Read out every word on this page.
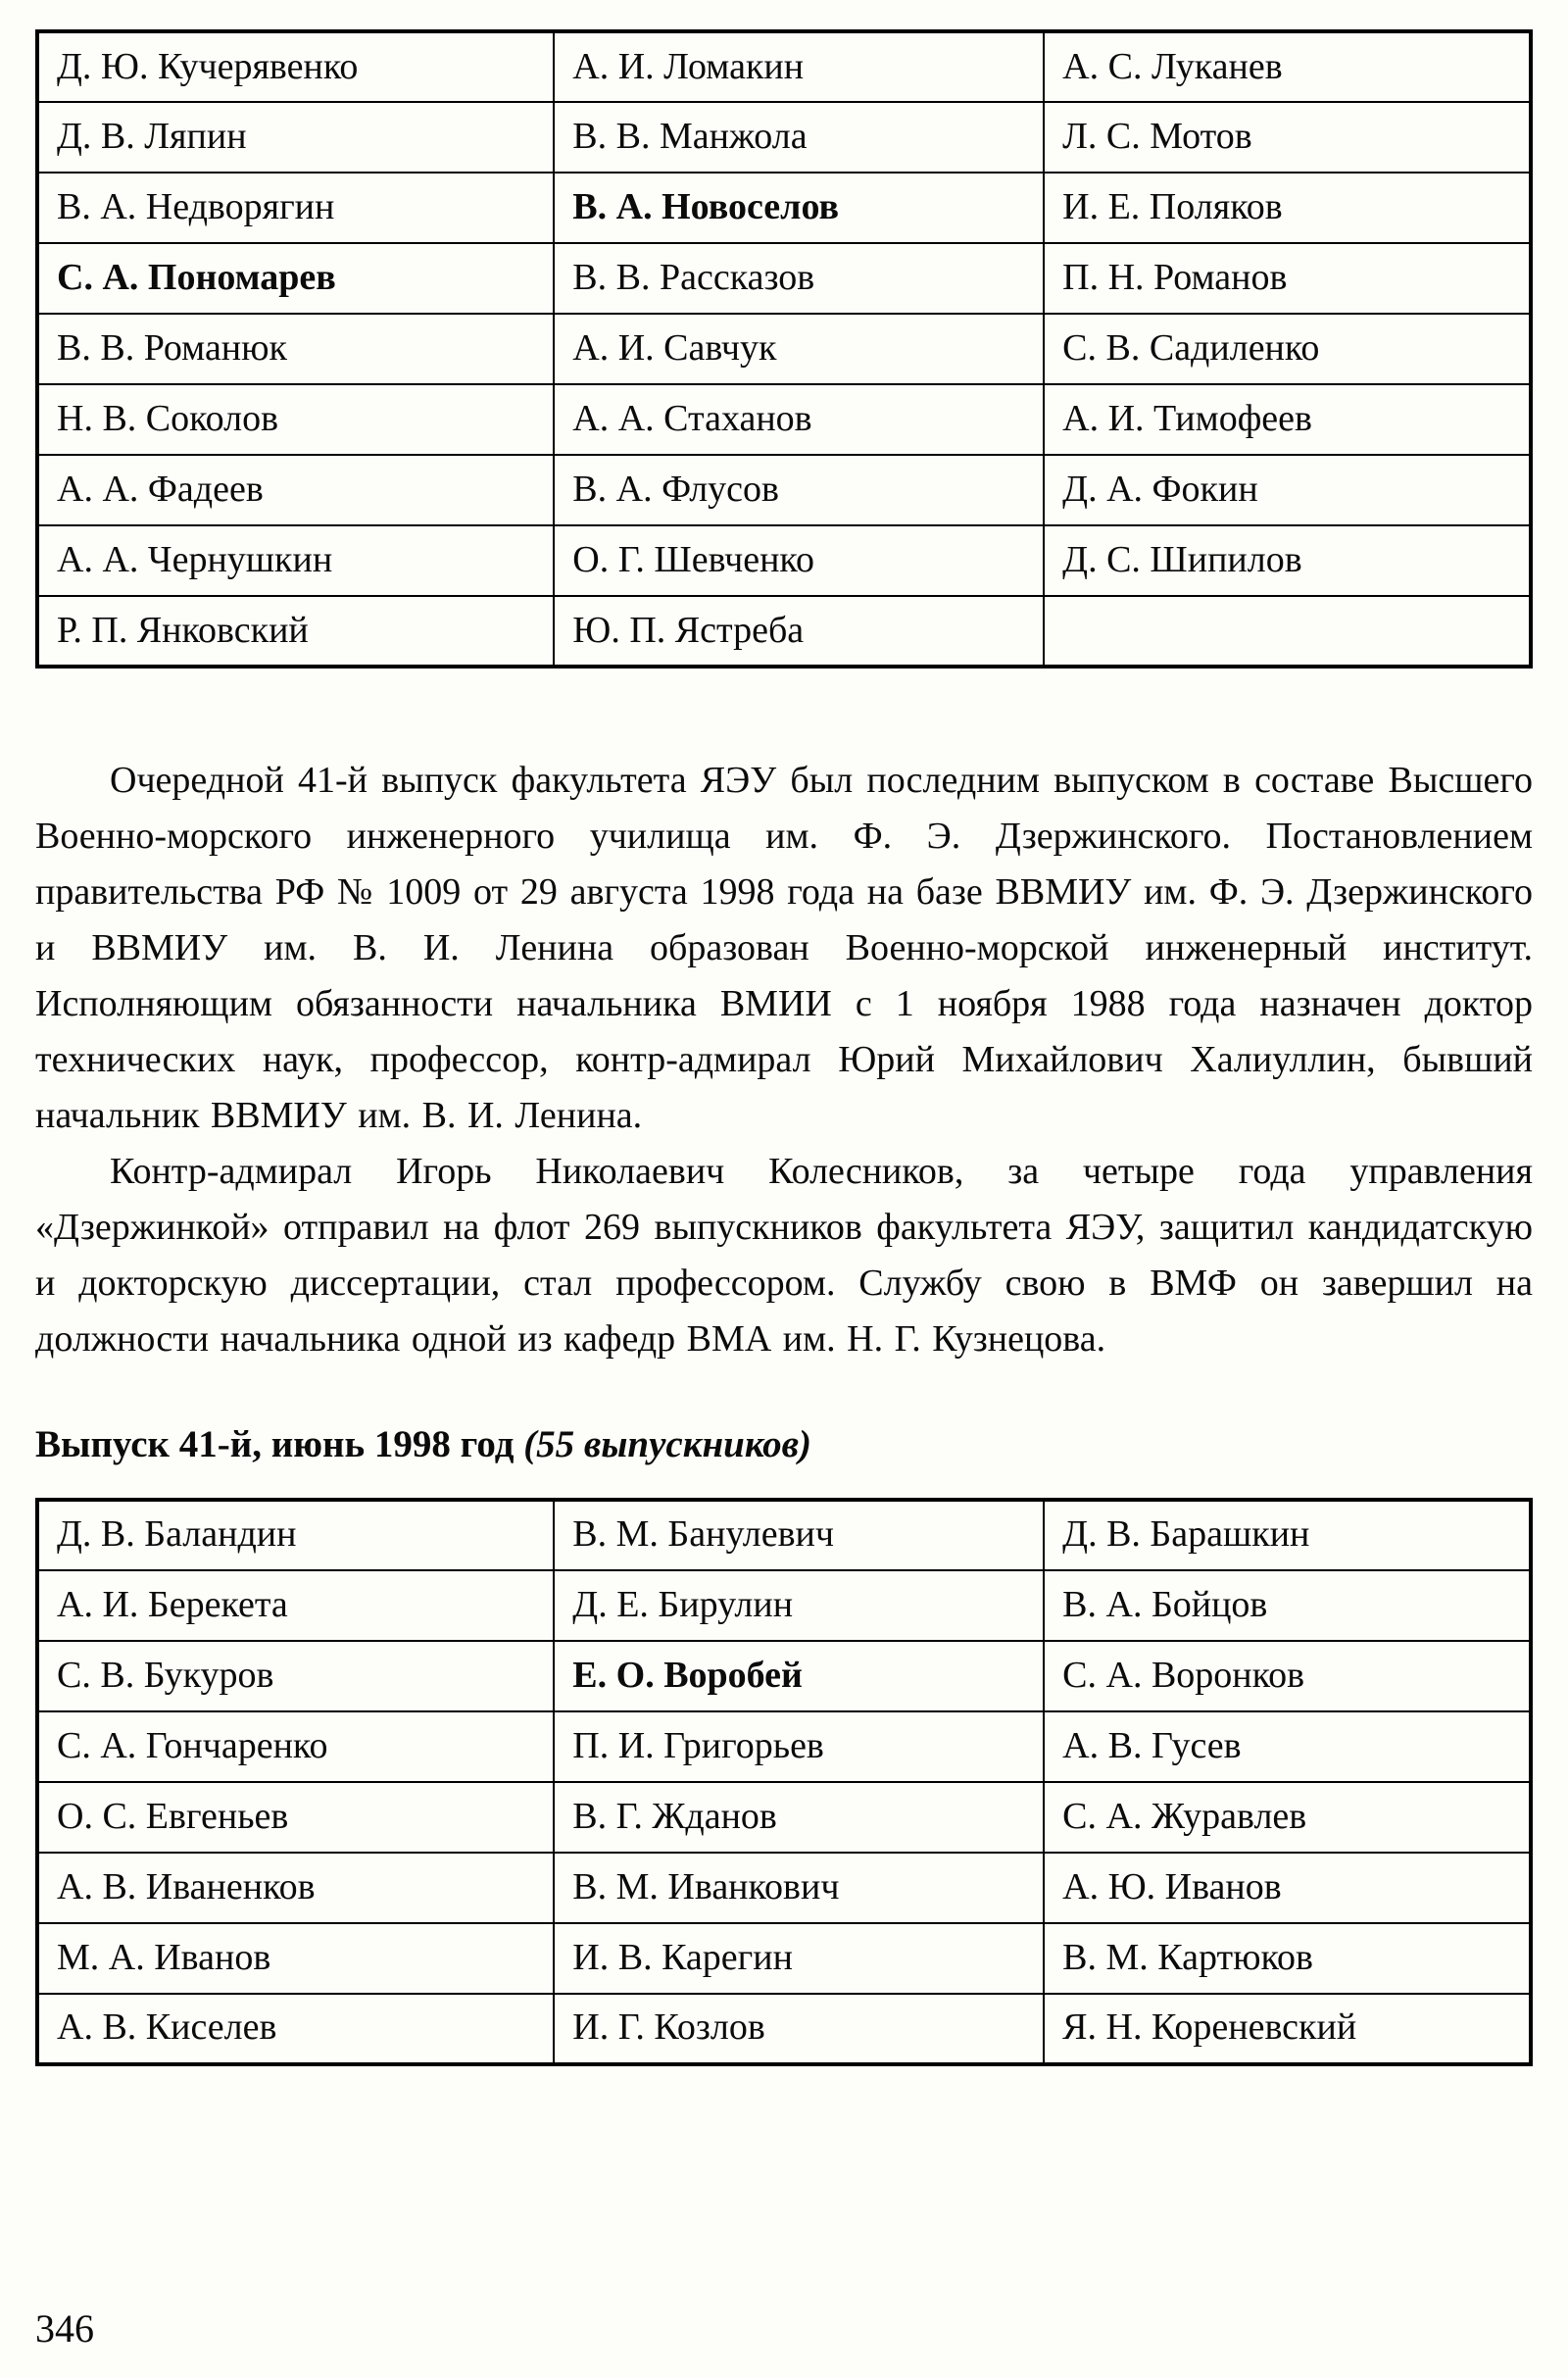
Д. Ю. Кучерявенко	А. И. Ломакин	А. С. Луканев
Д. В. Ляпин	В. В. Манжола	Л. С. Мотов
В. А. Недворягин	В. А. Новоселов	И. Е. Поляков
С. А. Пономарев	В. В. Рассказов	П. Н. Романов
В. В. Романюк	А. И. Савчук	С. В. Садиленко
Н. В. Соколов	А. А. Стаханов	А. И. Тимофеев
А. А. Фадеев	В. А. Флусов	Д. А. Фокин
А. А. Чернушкин	О. Г. Шевченко	Д. С. Шипилов
Р. П. Янковский	Ю. П. Ястреба	

Очередной 41-й выпуск факультета ЯЭУ был последним выпуском в составе Высшего Военно-морского инженерного училища им. Ф. Э. Дзержинского. Постановлением правительства РФ № 1009 от 29 августа 1998 года на базе ВВМИУ им. Ф. Э. Дзержинского и ВВМИУ им. В. И. Ленина образован Военно-морской инженерный институт. Исполняющим обязанности начальника ВМИИ с 1 ноября 1988 года назначен доктор технических наук, профессор, контр-адмирал Юрий Михайлович Халиуллин, бывший начальник ВВМИУ им. В. И. Ленина.

Контр-адмирал Игорь Николаевич Колесников, за четыре года управления «Дзержинкой» отправил на флот 269 выпускников факультета ЯЭУ, защитил кандидатскую и докторскую диссертации, стал профессором. Службу свою в ВМФ он завершил на должности начальника одной из кафедр ВМА им. Н. Г. Кузнецова.

Выпуск 41-й, июнь 1998 год (55 выпускников)
Д. В. Баландин	В. М. Банулевич	Д. В. Барашкин
А. И. Берекета	Д. Е. Бирулин	В. А. Бойцов
С. В. Букуров	Е. О. Воробей	С. А. Воронков
С. А. Гончаренко	П. И. Григорьев	А. В. Гусев
О. С. Евгеньев	В. Г. Жданов	С. А. Журавлев
А. В. Иваненков	В. М. Иванкович	А. Ю. Иванов
М. А. Иванов	И. В. Карегин	В. М. Картюков
А. В. Киселев	И. Г. Козлов	Я. Н. Кореневский
346
